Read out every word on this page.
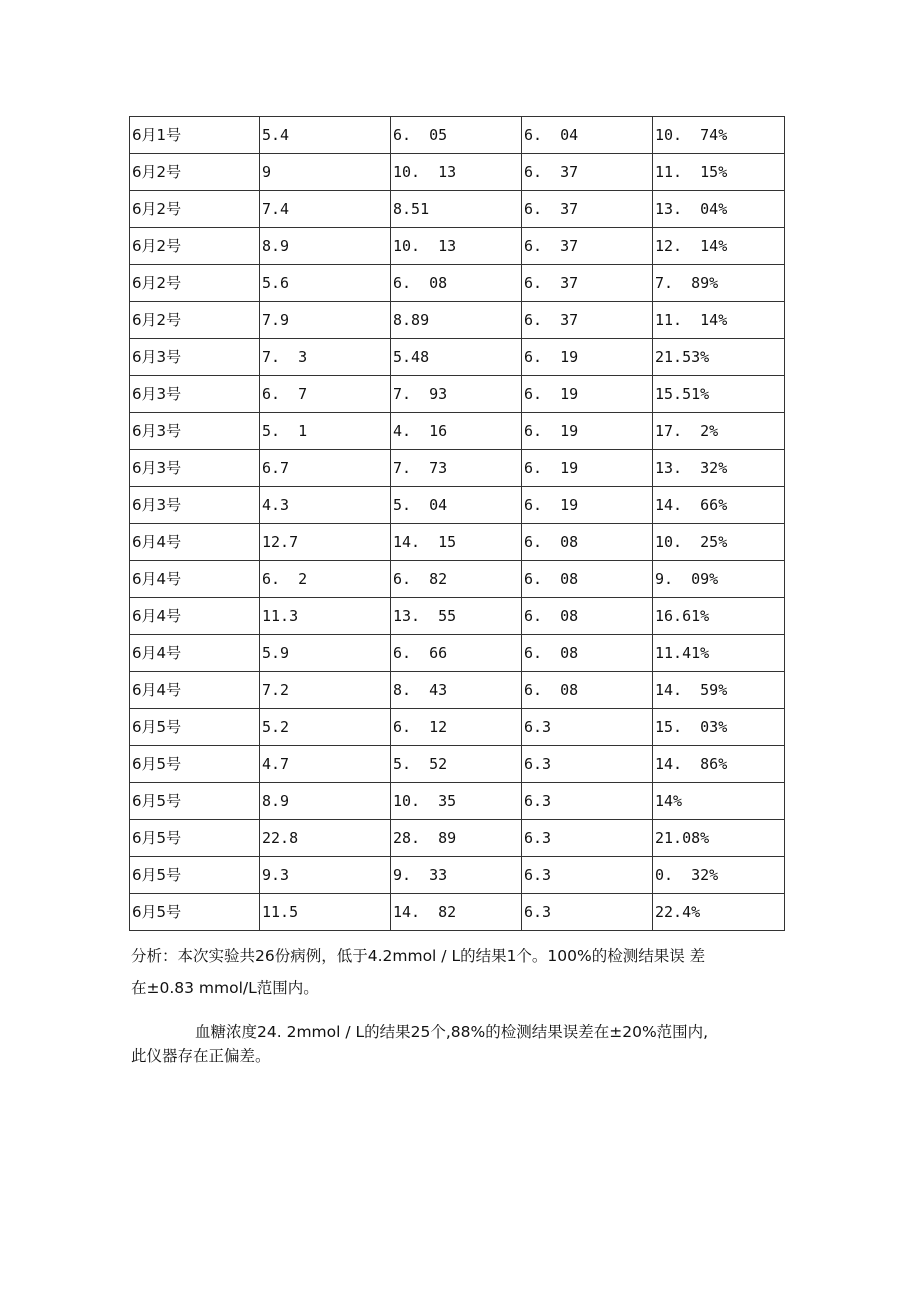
6月1号	5.4	6.  05	6.  04	10.  74%
6月2号	9	10.  13	6.  37	11.  15%
6月2号	7.4	8.51	6.  37	13.  04%
6月2号	8.9	10.  13	6.  37	12.  14%
6月2号	5.6	6.  08	6.  37	7.  89%
6月2号	7.9	8.89	6.  37	11.  14%
6月3号	7.  3	5.48	6.  19	21.53%
6月3号	6.  7	7.  93	6.  19	15.51%
6月3号	5.  1	4.  16	6.  19	17.  2%
6月3号	6.7	7.  73	6.  19	13.  32%
6月3号	4.3	5.  04	6.  19	14.  66%
6月4号	12.7	14.  15	6.  08	10.  25%
6月4号	6.  2	6.  82	6.  08	9.  09%
6月4号	11.3	13.  55	6.  08	16.61%
6月4号	5.9	6.  66	6.  08	11.41%
6月4号	7.2	8.  43	6.  08	14.  59%
6月5号	5.2	6.  12	6.3	15.  03%
6月5号	4.7	5.  52	6.3	14.  86%
6月5号	8.9	10.  35	6.3	14%
6月5号	22.8	28.  89	6.3	21.08%
6月5号	9.3	9.  33	6.3	0.  32%
6月5号	11.5	14.  82	6.3	22.4%

分析：本次实验共26份病例，低于4.2mmol / L的结果1个。100%的检测结果误 差

在±0.83 mmol/L范围内。

血糖浓度24. 2mmol / L的结果25个,88%的检测结果误差在±20%范围内,

此仪器存在正偏差。
